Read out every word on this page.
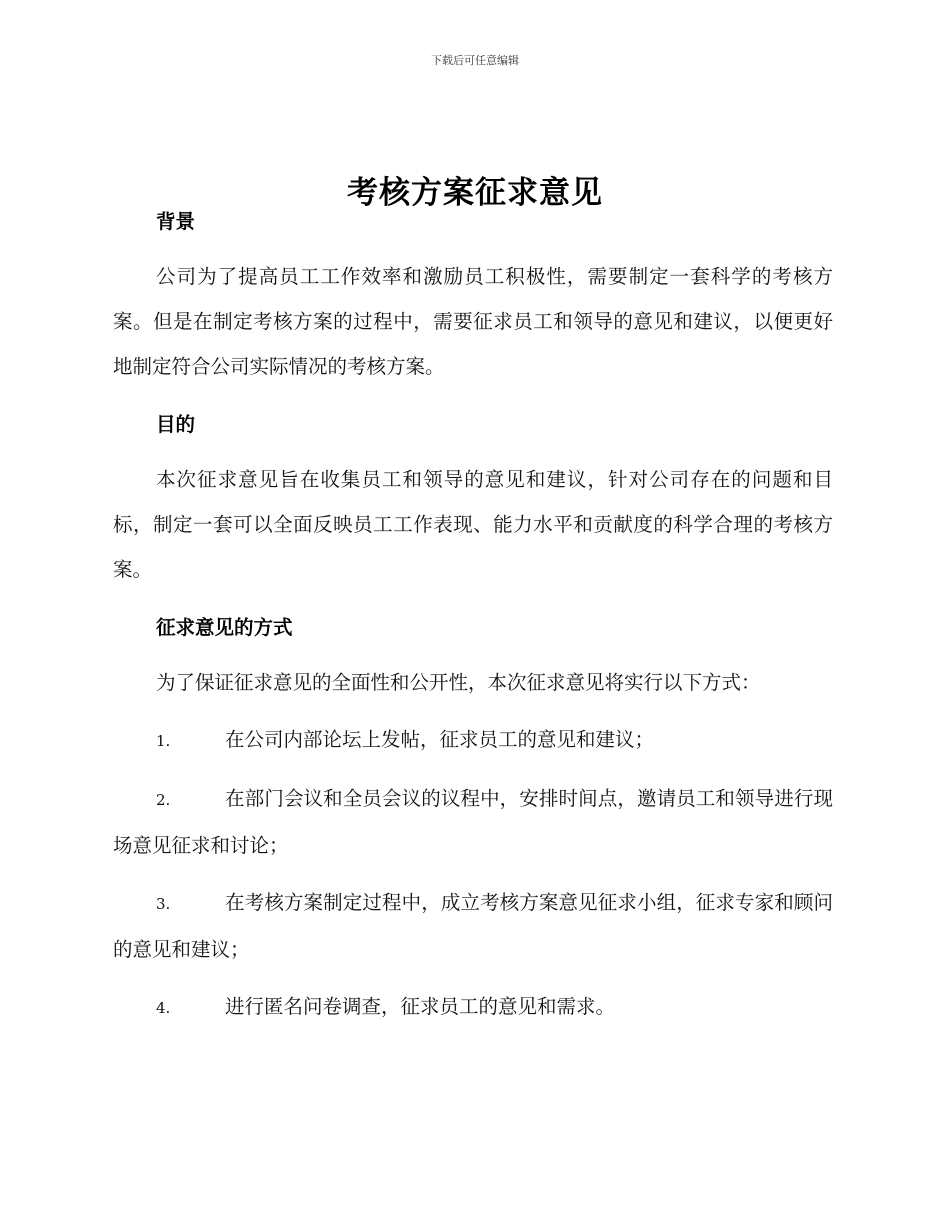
下载后可任意编辑
考核方案征求意见
背景

公司为了提高员工工作效率和激励员工积极性，需要制定一套科学的考核方案。但是在制定考核方案的过程中，需要征求员工和领导的意见和建议，以便更好地制定符合公司实际情况的考核方案。

目的

本次征求意见旨在收集员工和领导的意见和建议，针对公司存在的问题和目标，制定一套可以全面反映员工工作表现、能力水平和贡献度的科学合理的考核方案。

征求意见的方式

为了保证征求意见的全面性和公开性，本次征求意见将实行以下方式：

1.	在公司内部论坛上发帖，征求员工的意见和建议；

2.	在部门会议和全员会议的议程中，安排时间点，邀请员工和领导进行现场意见征求和讨论；

3.	在考核方案制定过程中，成立考核方案意见征求小组，征求专家和顾问的意见和建议；

4.	进行匿名问卷调查，征求员工的意见和需求。
